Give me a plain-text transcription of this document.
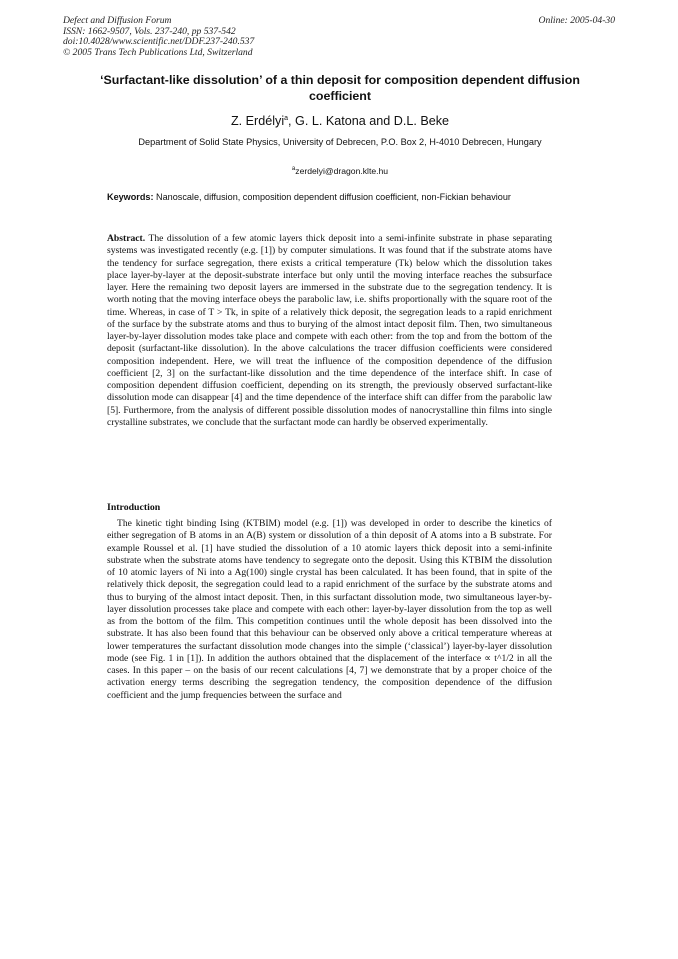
Defect and Diffusion Forum
ISSN: 1662-9507, Vols. 237-240, pp 537-542
doi:10.4028/www.scientific.net/DDF.237-240.537
© 2005 Trans Tech Publications Ltd, Switzerland
Online: 2005-04-30
‘Surfactant-like dissolution’ of a thin deposit for composition dependent diffusion coefficient
Z. Erdélyi$^a$, G. L. Katona and D.L. Beke
Department of Solid State Physics, University of Debrecen, P.O. Box 2, H-4010 Debrecen, Hungary
$^a$zerdelyi@dragon.klte.hu
Keywords: Nanoscale, diffusion, composition dependent diffusion coefficient, non-Fickian behaviour
Abstract. The dissolution of a few atomic layers thick deposit into a semi-infinite substrate in phase separating systems was investigated recently (e.g. [1]) by computer simulations. It was found that if the substrate atoms have the tendency for surface segregation, there exists a critical temperature (Tk) below which the dissolution takes place layer-by-layer at the deposit-substrate interface but only until the moving interface reaches the subsurface layer. Here the remaining two deposit layers are immersed in the substrate due to the segregation tendency. It is worth noting that the moving interface obeys the parabolic law, i.e. shifts proportionally with the square root of the time. Whereas, in case of T > Tk, in spite of a relatively thick deposit, the segregation leads to a rapid enrichment of the surface by the substrate atoms and thus to burying of the almost intact deposit film. Then, two simultaneous layer-by-layer dissolution modes take place and compete with each other: from the top and from the bottom of the deposit (surfactant-like dissolution). In the above calculations the tracer diffusion coefficients were considered composition independent. Here, we will treat the influence of the composition dependence of the diffusion coefficient [2, 3] on the surfactant-like dissolution and the time dependence of the interface shift. In case of composition dependent diffusion coefficient, depending on its strength, the previously observed surfactant-like dissolution mode can disappear [4] and the time dependence of the interface shift can differ from the parabolic law [5]. Furthermore, from the analysis of different possible dissolution modes of nanocrystalline thin films into single crystalline substrates, we conclude that the surfactant mode can hardly be observed experimentally.
Introduction
The kinetic tight binding Ising (KTBIM) model (e.g. [1]) was developed in order to describe the kinetics of either segregation of B atoms in an A(B) system or dissolution of a thin deposit of A atoms into a B substrate. For example Roussel et al. [1] have studied the dissolution of a 10 atomic layers thick deposit into a semi-infinite substrate when the substrate atoms have tendency to segregate onto the deposit. Using this KTBIM the dissolution of 10 atomic layers of Ni into a Ag(100) single crystal has been calculated. It has been found, that in spite of the relatively thick deposit, the segregation could lead to a rapid enrichment of the surface by the substrate atoms and thus to burying of the almost intact deposit. Then, in this surfactant dissolution mode, two simultaneous layer-by-layer dissolution processes take place and compete with each other: layer-by-layer dissolution from the top as well as from the bottom of the film. This competition continues until the whole deposit has been dissolved into the substrate. It has also been found that this behaviour can be observed only above a critical temperature whereas at lower temperatures the surfactant dissolution mode changes into the simple (‘classical’) layer-by-layer dissolution mode (see Fig. 1 in [1]). In addition the authors obtained that the displacement of the interface ∝ t^1/2 in all the cases. In this paper – on the basis of our recent calculations [4, 7] we demonstrate that by a proper choice of the activation energy terms describing the segregation tendency, the composition dependence of the diffusion coefficient and the jump frequencies between the surface and
